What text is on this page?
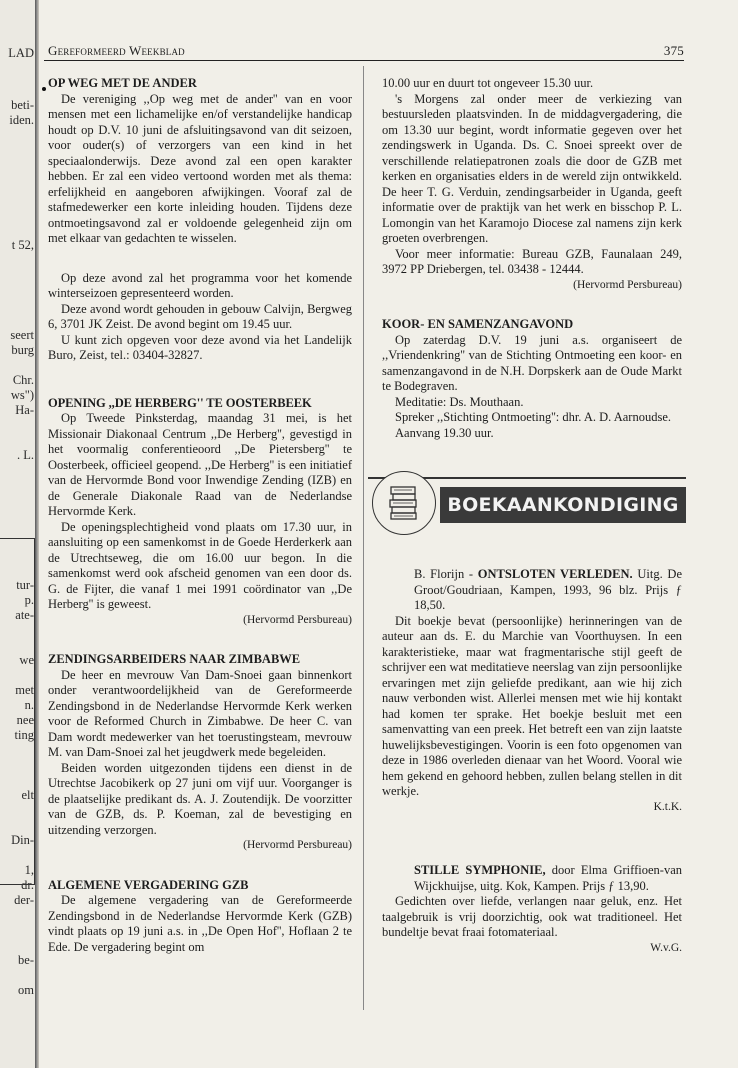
LAD
beti-
iden.
t 52,
seert
burg
Chr.
ws")
Ha-
. L.
tur-
p.
ate-
we
met
n.
nee
ting
elt
Din-
1,
dr.
der-
be-
om
Gereformeerd Weekblad	375
OP WEG MET DE ANDER

De vereniging ,,Op weg met de ander'' van en voor mensen met een lichamelijke en/of verstandelijke handicap houdt op D.V. 10 juni de afsluitingsavond van dit seizoen, voor ouder(s) of verzorgers van een kind in het speciaalonderwijs. Deze avond zal een open karakter hebben. Er zal een video vertoond worden met als thema: erfelijkheid en aangeboren afwijkingen. Vooraf zal de stafmedewerker een korte inleiding houden. Tijdens deze ontmoetingsavond zal er voldoende gelegenheid zijn om met elkaar van gedachten te wisselen.

Op deze avond zal het programma voor het komende winterseizoen gepresenteerd worden.

Deze avond wordt gehouden in gebouw Calvijn, Bergweg 6, 3701 JK Zeist. De avond begint om 19.45 uur.

U kunt zich opgeven voor deze avond via het Landelijk Buro, Zeist, tel.: 03404-32827.

OPENING ,,DE HERBERG'' TE OOSTERBEEK

Op Tweede Pinksterdag, maandag 31 mei, is het Missionair Diakonaal Centrum ,,De Herberg'', gevestigd in het voormalig conferentieoord ,,De Pietersberg'' te Oosterbeek, officieel geopend. ,,De Herberg'' is een initiatief van de Hervormde Bond voor Inwendige Zending (IZB) en de Generale Diakonale Raad van de Nederlandse Hervormde Kerk.

De openingsplechtigheid vond plaats om 17.30 uur, in aansluiting op een samenkomst in de Goede Herderkerk aan de Utrechtseweg, die om 16.00 uur begon. In die samenkomst werd ook afscheid genomen van een door ds. G. de Fijter, die vanaf 1 mei 1991 coördinator van ,,De Herberg'' is geweest.

(Hervormd Persbureau)

ZENDINGSARBEIDERS NAAR ZIMBABWE

De heer en mevrouw Van Dam-Snoei gaan binnenkort onder verantwoordelijkheid van de Gereformeerde Zendingsbond in de Nederlandse Hervormde Kerk werken voor de Reformed Church in Zimbabwe. De heer C. van Dam wordt medewerker van het toerustingsteam, mevrouw M. van Dam-Snoei zal het jeugdwerk mede begeleiden.

Beiden worden uitgezonden tijdens een dienst in de Utrechtse Jacobikerk op 27 juni om vijf uur. Voorganger is de plaatselijke predikant ds. A. J. Zoutendijk. De voorzitter van de GZB, ds. P. Koeman, zal de bevestiging en uitzending verzorgen.

(Hervormd Persbureau)

ALGEMENE VERGADERING GZB

De algemene vergadering van de Gereformeerde Zendingsbond in de Nederlandse Hervormde Kerk (GZB) vindt plaats op 19 juni a.s. in ,,De Open Hof'', Hoflaan 2 te Ede. De vergadering begint om

10.00 uur en duurt tot ongeveer 15.30 uur.

's Morgens zal onder meer de verkiezing van bestuursleden plaatsvinden. In de middagvergadering, die om 13.30 uur begint, wordt informatie gegeven over het zendingswerk in Uganda. Ds. C. Snoei spreekt over de verschillende relatiepatronen zoals die door de GZB met kerken en organisaties elders in de wereld zijn ontwikkeld. De heer T. G. Verduin, zendingsarbeider in Uganda, geeft informatie over de praktijk van het werk en bisschop P. L. Lomongin van het Karamojo Diocese zal namens zijn kerk groeten overbrengen.

Voor meer informatie: Bureau GZB, Faunalaan 249, 3972 PP Driebergen, tel. 03438 - 12444.

(Hervormd Persbureau)

KOOR- EN SAMENZANGAVOND

Op zaterdag D.V. 19 juni a.s. organiseert de ,,Vriendenkring'' van de Stichting Ontmoeting een koor- en samenzangavond in de N.H. Dorpskerk aan de Oude Markt te Bodegraven.

Meditatie: Ds. Mouthaan.

Spreker ,,Stichting Ontmoeting'': dhr. A. D. Aarnoudse.

Aanvang 19.30 uur.

BOEKAANKONDIGING

B. Florijn - ONTSLOTEN VERLEDEN. Uitg. De Groot/Goudriaan, Kampen, 1993, 96 blz. Prijs ƒ 18,50.

Dit boekje bevat (persoonlijke) herinneringen van de auteur aan ds. E. du Marchie van Voorthuysen. In een karakteristieke, maar wat fragmentarische stijl geeft de schrijver een wat meditatieve neerslag van zijn persoonlijke ervaringen met zijn geliefde predikant, aan wie hij zich nauw verbonden wist. Allerlei mensen met wie hij kontakt had komen ter sprake. Het boekje besluit met een samenvatting van een preek. Het betreft een van zijn laatste huwelijksbevestigingen. Voorin is een foto opgenomen van deze in 1986 overleden dienaar van het Woord. Vooral wie hem gekend en gehoord hebben, zullen belang stellen in dit werkje.

K.t.K.

STILLE SYMPHONIE, door Elma Griffioen-van Wijckhuijse, uitg. Kok, Kampen. Prijs ƒ 13,90.

Gedichten over liefde, verlangen naar geluk, enz. Het taalgebruik is vrij doorzichtig, ook wat traditioneel. Het bundeltje bevat fraai fotomateriaal.

W.v.G.
